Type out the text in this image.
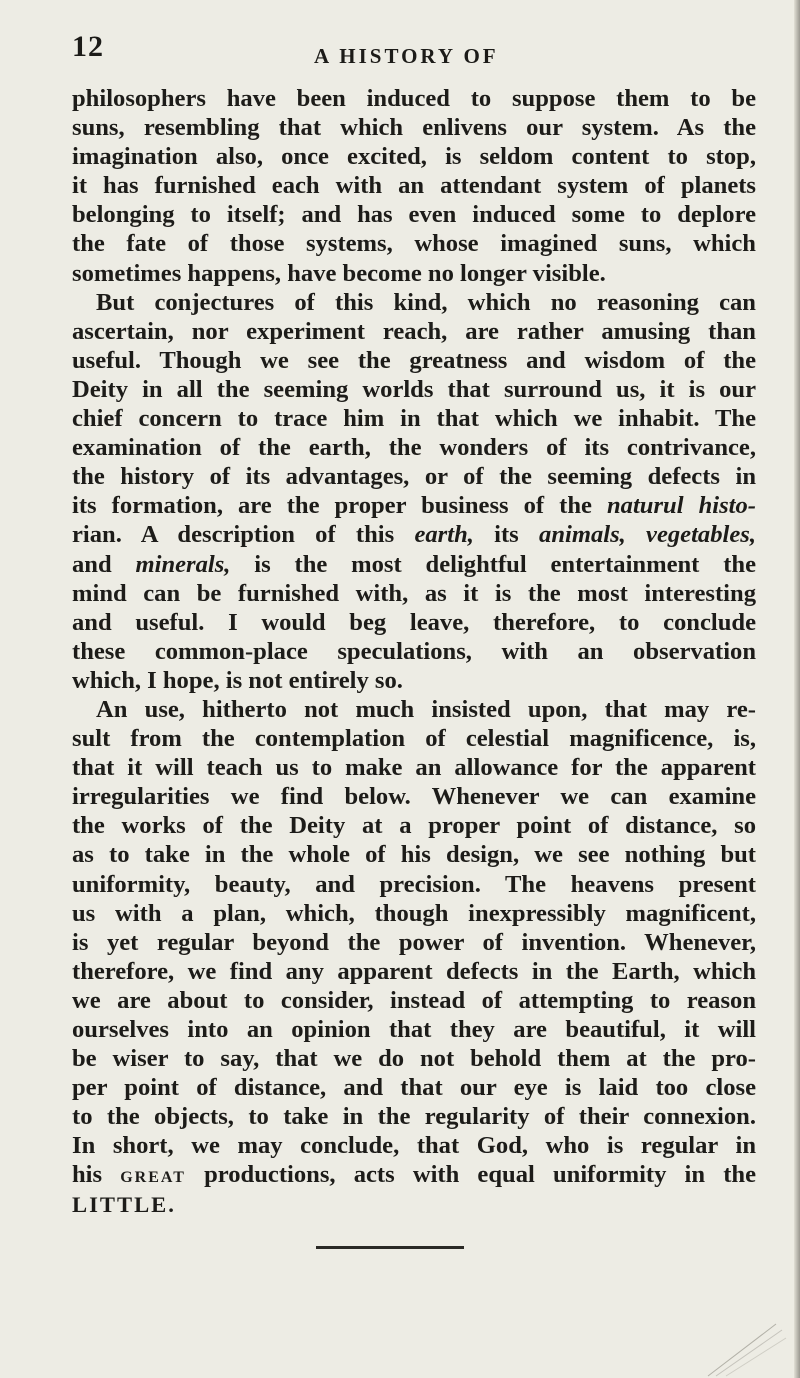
12	A HISTORY OF
philosophers have been induced to suppose them to be
suns, resembling that which enlivens our system. As the
imagination also, once excited, is seldom content to stop,
it has furnished each with an attendant system of planets
belonging to itself; and has even induced some to deplore
the fate of those systems, whose imagined suns, which
sometimes happens, have become no longer visible.
But conjectures of this kind, which no reasoning can
ascertain, nor experiment reach, are rather amusing than
useful. Though we see the greatness and wisdom of the
Deity in all the seeming worlds that surround us, it is our
chief concern to trace him in that which we inhabit. The
examination of the earth, the wonders of its contrivance,
the history of its advantages, or of the seeming defects in
its formation, are the proper business of the naturul histo-
rian. A description of this earth, its animals, vegetables,
and minerals, is the most delightful entertainment the
mind can be furnished with, as it is the most interesting
and useful. I would beg leave, therefore, to conclude
these common-place speculations, with an observation
which, I hope, is not entirely so.
An use, hitherto not much insisted upon, that may re-
sult from the contemplation of celestial magnificence, is,
that it will teach us to make an allowance for the apparent
irregularities we find below. Whenever we can examine
the works of the Deity at a proper point of distance, so
as to take in the whole of his design, we see nothing but
uniformity, beauty, and precision. The heavens present
us with a plan, which, though inexpressibly magnificent,
is yet regular beyond the power of invention. Whenever,
therefore, we find any apparent defects in the Earth, which
we are about to consider, instead of attempting to reason
ourselves into an opinion that they are beautiful, it will
be wiser to say, that we do not behold them at the pro-
per point of distance, and that our eye is laid too close
to the objects, to take in the regularity of their connexion.
In short, we may conclude, that God, who is regular in
his great productions, acts with equal uniformity in the
LITTLE.
